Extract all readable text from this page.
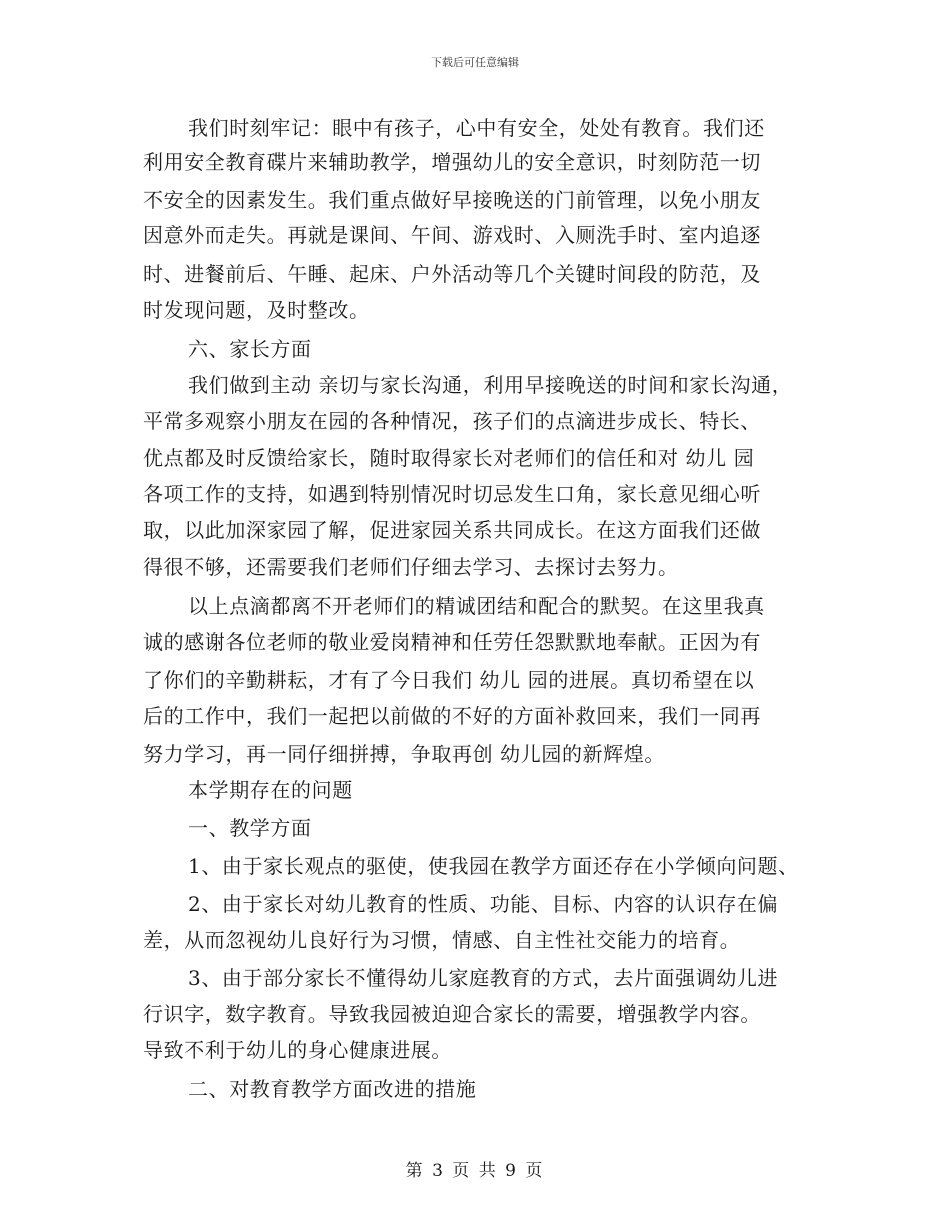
下载后可任意编辑
我们时刻牢记：眼中有孩子，心中有安全，处处有教育。我们还
利用安全教育碟片来辅助教学，增强幼儿的安全意识，时刻防范一切
不安全的因素发生。我们重点做好早接晚送的门前管理，以免小朋友
因意外而走失。再就是课间、午间、游戏时、入厕洗手时、室内追逐
时、进餐前后、午睡、起床、户外活动等几个关键时间段的防范，及
时发现问题，及时整改。
六、家长方面
我们做到主动 亲切与家长沟通，利用早接晚送的时间和家长沟通，
平常多观察小朋友在园的各种情况，孩子们的点滴进步成长、特长、
优点都及时反馈给家长，随时取得家长对老师们的信任和对 幼儿 园
各项工作的支持，如遇到特别情况时切忌发生口角，家长意见细心听
取，以此加深家园了解，促进家园关系共同成长。在这方面我们还做
得很不够，还需要我们老师们仔细去学习、去探讨去努力。
以上点滴都离不开老师们的精诚团结和配合的默契。在这里我真
诚的感谢各位老师的敬业爱岗精神和任劳任怨默默地奉献。正因为有
了你们的辛勤耕耘，才有了今日我们 幼儿 园的进展。真切希望在以
后的工作中，我们一起把以前做的不好的方面补救回来，我们一同再
努力学习，再一同仔细拼搏，争取再创 幼儿园的新辉煌。
本学期存在的问题
一、教学方面
1、由于家长观点的驱使，使我园在教学方面还存在小学倾向问题、
2、由于家长对幼儿教育的性质、功能、目标、内容的认识存在偏
差，从而忽视幼儿良好行为习惯，情感、自主性社交能力的培育。
3、由于部分家长不懂得幼儿家庭教育的方式，去片面强调幼儿进
行识字，数字教育。导致我园被迫迎合家长的需要，增强教学内容。
导致不利于幼儿的身心健康进展。
二、对教育教学方面改进的措施
第 3 页 共 9 页
